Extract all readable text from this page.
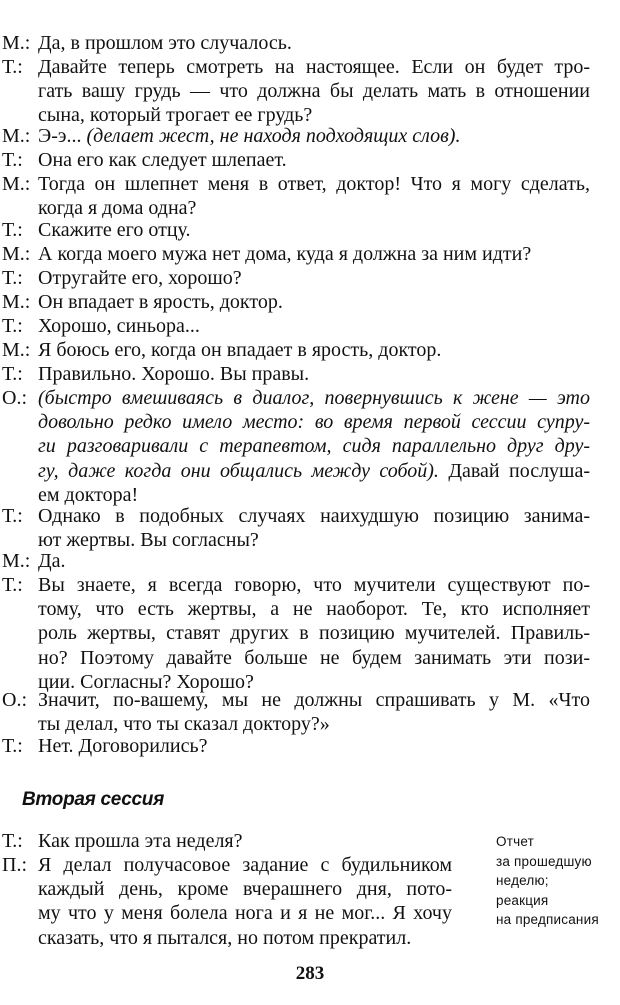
М.: Да, в прошлом это случалось.
Т.: Давайте теперь смотреть на настоящее. Если он будет тро-
гать вашу грудь — что должна бы делать мать в отношении
сына, который трогает ее грудь?
М.: Э-э... (делает жест, не находя подходящих слов).
Т.: Она его как следует шлепает.
М.: Тогда он шлепнет меня в ответ, доктор! Что я могу сделать,
когда я дома одна?
Т.: Скажите его отцу.
М.: А когда моего мужа нет дома, куда я должна за ним идти?
Т.: Отругайте его, хорошо?
М.: Он впадает в ярость, доктор.
Т.: Хорошо, синьора...
М.: Я боюсь его, когда он впадает в ярость, доктор.
Т.: Правильно. Хорошо. Вы правы.
О.: (быстро вмешиваясь в диалог, повернувшись к жене — это
довольно редко имело место: во время первой сессии супру-
ги разговаривали с терапевтом, сидя параллельно друг дру-
гу, даже когда они общались между собой). Давай послуша-
ем доктора!
Т.: Однако в подобных случаях наихудшую позицию занима-
ют жертвы. Вы согласны?
М.: Да.
Т.: Вы знаете, я всегда говорю, что мучители существуют по-
тому, что есть жертвы, а не наоборот. Те, кто исполняет
роль жертвы, ставят других в позицию мучителей. Правиль-
но? Поэтому давайте больше не будем занимать эти пози-
ции. Согласны? Хорошо?
О.: Значит, по-вашему, мы не должны спрашивать у М. «Что
ты делал, что ты сказал доктору?»
Т.: Нет. Договорились?
Вторая сессия
Т.: Как прошла эта неделя?
П.: Я делал получасовое задание с будильником
каждый день, кроме вчерашнего дня, пото-
му что у меня болела нога и я не мог... Я хочу
сказать, что я пытался, но потом прекратил.
Отчет
за прошедшую
неделю;
реакция
на предписания
283
